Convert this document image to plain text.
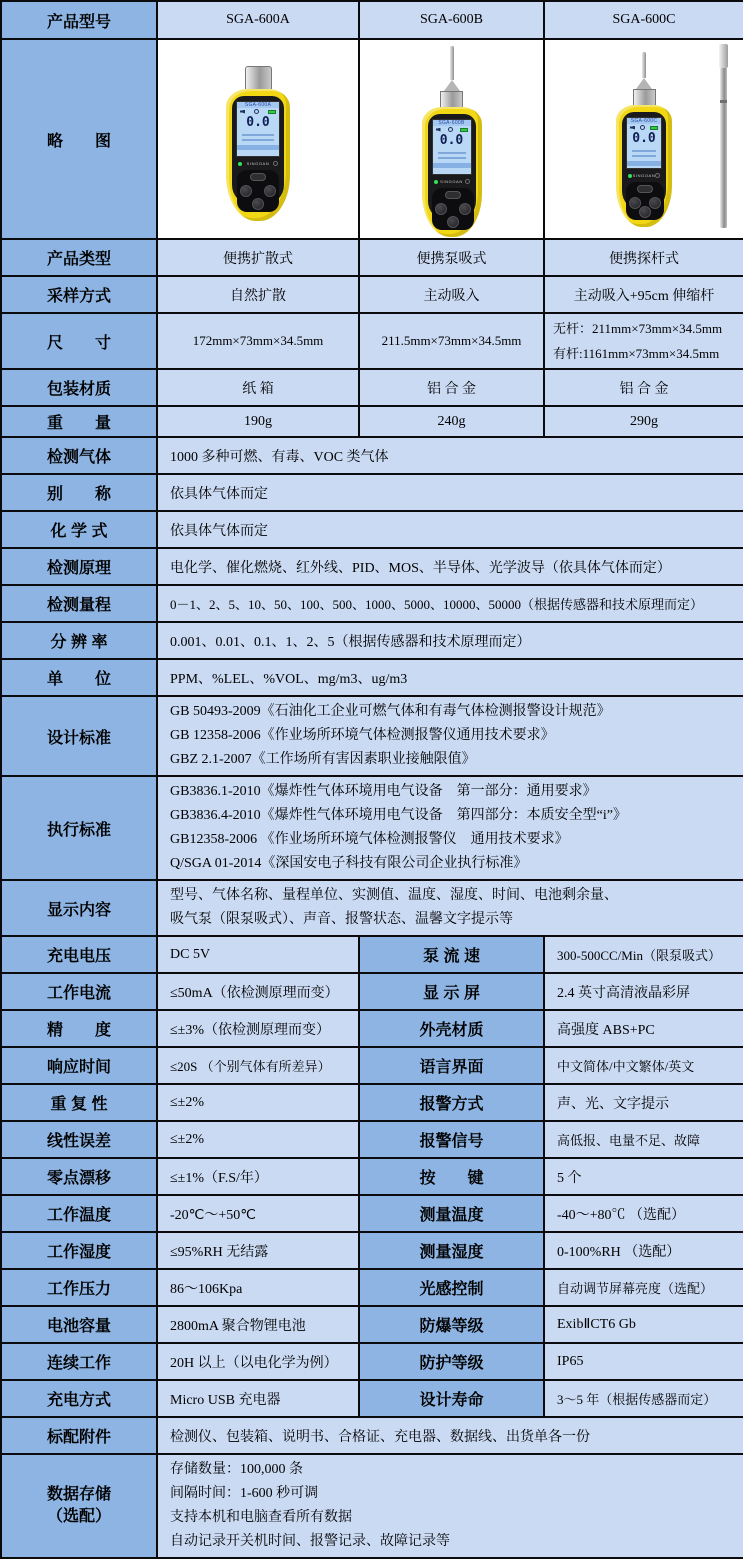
产品型号	SGA-600A	SGA-600B	SGA-600C
略　　图	
SGA-600A
0.0
SINGOAN

SGA-600B
0.0
SINGOAN

SGA-600C
0.0
SINGOAN

产品类型	便携扩散式	便携泵吸式	便携探杆式
采样方式	自然扩散	主动吸入	主动吸入+95cm 伸缩杆
尺　　寸	172mm×73mm×34.5mm	211.5mm×73mm×34.5mm	无杆：211mm×73mm×34.5mm
有杆:1161mm×73mm×34.5mm

包装材质	纸 箱	铝 合 金	铝 合 金
重　　量	190g	240g	290g
检测气体	1000 多种可燃、有毒、VOC 类气体		
别　　称	依具体气体而定		
化 学 式	依具体气体而定		
检测原理	电化学、催化燃烧、红外线、PID、MOS、半导体、光学波导（依具体气体而定）		
检测量程	0－1、2、5、10、50、100、500、1000、5000、10000、50000（根据传感器和技术原理而定）		
分 辨 率	0.001、0.01、0.1、1、2、5（根据传感器和技术原理而定）		
单　　位	PPM、%LEL、%VOL、mg/m3、ug/m3		
设计标准	GB 50493-2009《石油化工企业可燃气体和有毒气体检测报警设计规范》
GB 12358-2006《作业场所环境气体检测报警仪通用技术要求》
GBZ 2.1-2007《工作场所有害因素职业接触限值》		

执行标准	GB3836.1-2010《爆炸性气体环境用电气设备　第一部分：通用要求》
GB3836.4-2010《爆炸性气体环境用电气设备　第四部分：本质安全型“i”》
GB12358-2006 《作业场所环境气体检测报警仪　通用技术要求》
Q/SGA 01-2014《深国安电子科技有限公司企业执行标准》		

显示内容	型号、气体名称、量程单位、实测值、温度、湿度、时间、电池剩余量、
吸气泵（限泵吸式）、声音、报警状态、温馨文字提示等		

充电电压	DC 5V	泵 流 速	300-500CC/Min（限泵吸式）
工作电流	≤50mA（依检测原理而变）	显 示 屏	2.4 英寸高清液晶彩屏
精　　度	≤±3%（依检测原理而变）	外壳材质	高强度 ABS+PC
响应时间	≤20S （个别气体有所差异）	语言界面	中文简体/中文繁体/英文
重 复 性	≤±2%	报警方式	声、光、文字提示
线性误差	≤±2%	报警信号	高低报、电量不足、故障
零点漂移	≤±1%（F.S/年）	按　　键	5 个
工作温度	-20℃～+50℃	测量温度	-40～+80℃ （选配）
工作湿度	≤95%RH 无结露	测量湿度	0-100%RH （选配）
工作压力	86～106Kpa	光感控制	自动调节屏幕亮度（选配）
电池容量	2800mA 聚合物锂电池	防爆等级	ExibⅡCT6 Gb
连续工作	20H 以上（以电化学为例）	防护等级	IP65
充电方式	Micro USB 充电器	设计寿命	3～5 年（根据传感器而定）
标配附件	检测仪、包装箱、说明书、合格证、充电器、数据线、出货单各一份		

数据存储
（选配）

存储数量：100,000 条
间隔时间：1-600 秒可调
支持本机和电脑查看所有数据
自动记录开关机时间、报警记录、故障记录等
